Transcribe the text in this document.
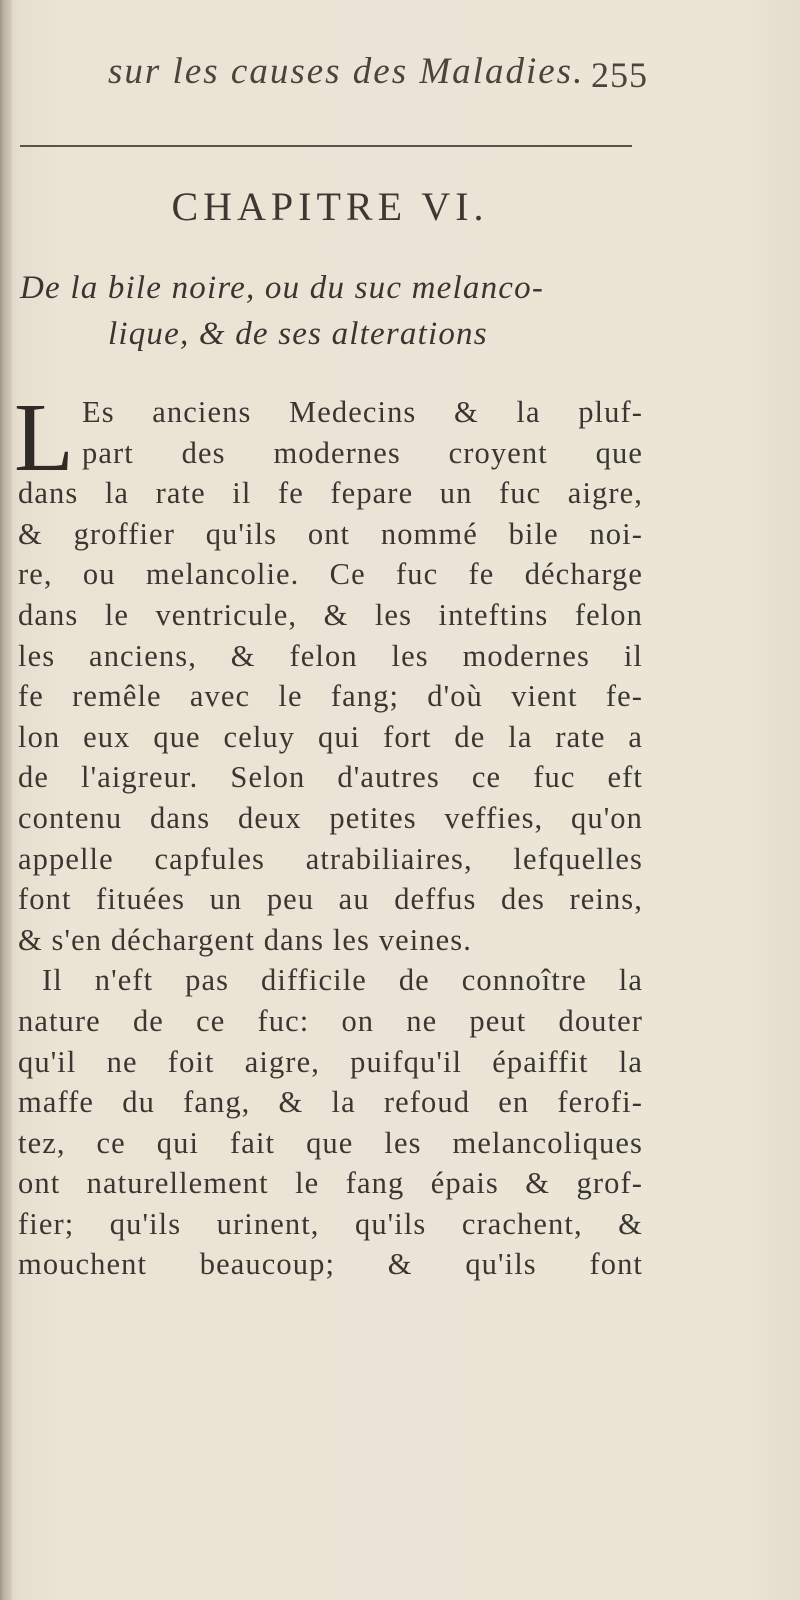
sur les causes des Maladies. 255
CHAPITRE VI.
De la bile noire, ou du suc melanco-
lique, & de ses alterations
L Es anciens Medecins & la pluf-
part des modernes croyent que
dans la rate il fe fepare un fuc aigre,
& groffier qu'ils ont nommé bile noi-
re, ou melancolie. Ce fuc fe décharge
dans le ventricule, & les inteftins felon
les anciens, & felon les modernes il
fe remêle avec le fang; d'où vient fe-
lon eux que celuy qui fort de la rate a
de l'aigreur. Selon d'autres ce fuc eft
contenu dans deux petites veffies, qu'on
appelle capfules atrabiliaires, lefquelles
font fituées un peu au deffus des reins,
& s'en déchargent dans les veines.
Il n'eft pas difficile de connoître la
nature de ce fuc: on ne peut douter
qu'il ne foit aigre, puifqu'il épaiffit la
maffe du fang, & la refoud en ferofi-
tez, ce qui fait que les melancoliques
ont naturellement le fang épais & grof-
fier; qu'ils urinent, qu'ils crachent, &
mouchent beaucoup; & qu'ils font
